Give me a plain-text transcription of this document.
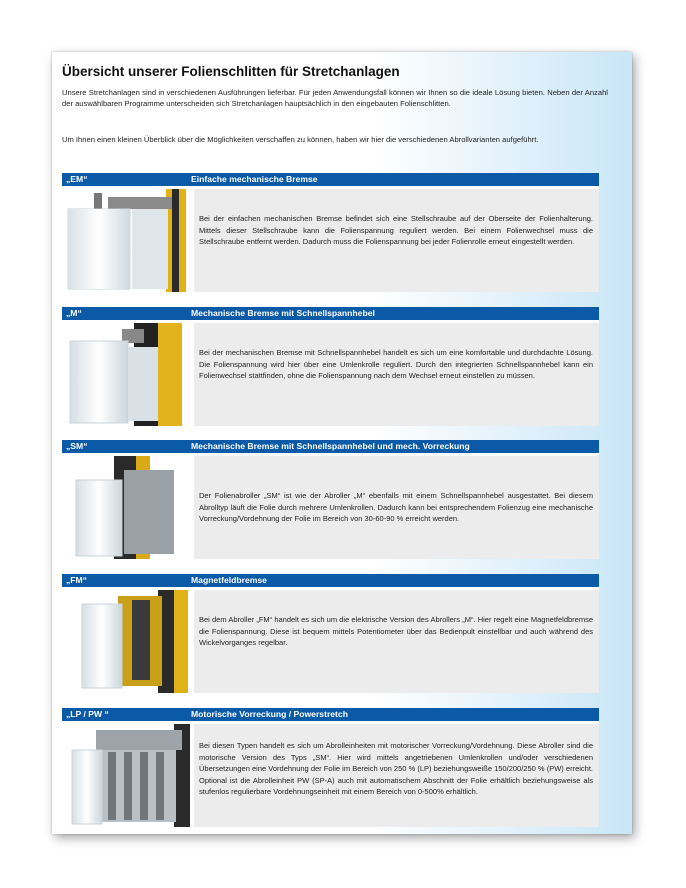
Übersicht unserer Folienschlitten für Stretchanlagen
Unsere Stretchanlagen sind in verschiedenen Ausführungen lieferbar. Für jeden Anwendungsfall können wir Ihnen so die ideale Lösung bieten. Neben der Anzahl der auswählbaren Programme unterscheiden sich Stretchanlagen hauptsächlich in den eingebauten Folienschlitten.
Um Ihnen einen kleinen Überblick über die Möglichkeiten verschaffen zu können, haben wir hier die verschiedenen Abrollvarianten aufgeführt.
„EM“	Einfache mechanische Bremse
Bei der einfachen mechanischen Bremse befindet sich eine Stellschraube auf der Oberseite der Folienhalterung. Mittels dieser Stellschraube kann die Folienspannung reguliert werden. Bei einem Folienwechsel muss die Stellschraube entfernt werden. Dadurch muss die Folienspannung bei jeder Folienrolle erneut eingestellt werden.
„M“	Mechanische Bremse mit Schnellspannhebel
Bei der mechanischen Bremse mit Schnellspannhebel handelt es sich um eine komfortable und durchdachte Lösung. Die Folienspannung wird hier über eine Umlenkrolle reguliert. Durch den integrierten Schnellspannhebel kann ein Folienwechsel stattfinden, ohne die Folienspannung nach dem Wechsel erneut einstellen zu müssen.
„SM“	Mechanische Bremse mit Schnellspannhebel und mech. Vorreckung
Der Folienabroller „SM“ ist wie der Abroller „M“ ebenfalls mit einem Schnellspannhebel ausgestattet. Bei diesem Abrolltyp läuft die Folie durch mehrere Umlenkrollen. Dadurch kann bei entsprechendem Folienzug eine mechanische Vorreckung/Vordehnung der Folie im Bereich von 30-60-90 % erreicht werden.
„FM“	Magnetfeldbremse
Bei dem Abroller „FM“ handelt es sich um die elektrische Version des Abrollers „M“. Hier regelt eine Magnetfeldbremse die Folienspannung. Diese ist bequem mittels Potentiometer über das Bedienpult einstellbar und auch während des Wickelvorganges regelbar.
„LP / PW “	Motorische Vorreckung / Powerstretch
Bei diesen Typen handelt es sich um Abrolleinheiten mit motorischer Vorreckung/Vordehnung. Diese Abroller sind die motorische Version des Typs „SM“. Hier wird mittels angetriebenen Umlenkrollen und/oder verschiedenen Übersetzungen eine Vordehnung der Folie im Bereich von 250 % (LP) beziehungsweiße 150/200/250 % (PW) erreicht. Optional ist die Abrolleinheit PW (SP-A) auch mit automatischem Abschnitt der Folie erhältlich beziehungsweise als stufenlos regulierbare Vordehnungseinheit mit einem Bereich von 0-500% erhältlich.
